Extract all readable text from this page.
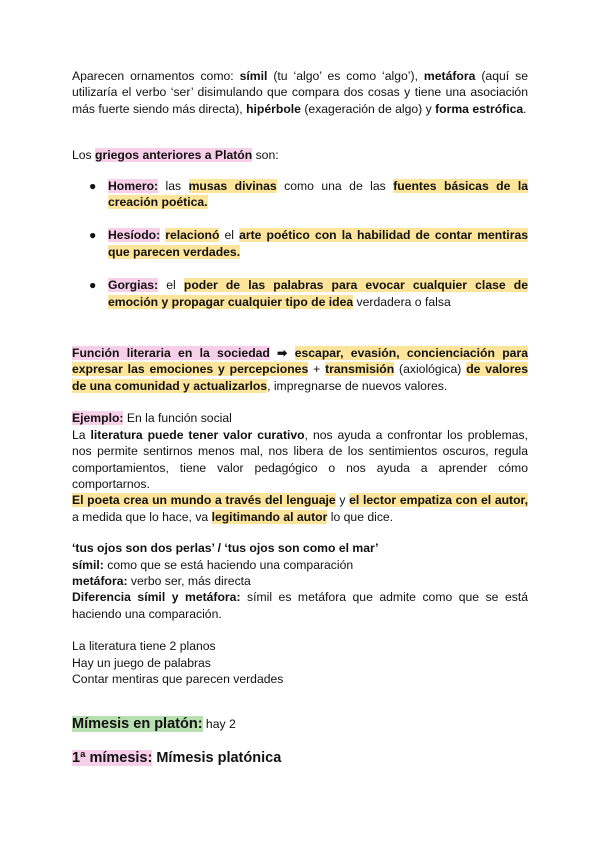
Aparecen ornamentos como: símil (tu ‘algo’ es como ‘algo’), metáfora (aquí se utilizaría el verbo ‘ser’ disimulando que compara dos cosas y tiene una asociación más fuerte siendo más directa), hipérbole (exageración de algo) y forma estrófica.

Los griegos anteriores a Platón son:

● Homero: las musas divinas como una de las fuentes básicas de la creación poética.
● Hesíodo: relacionó el arte poético con la habilidad de contar mentiras que parecen verdades.
● Gorgias: el poder de las palabras para evocar cualquier clase de emoción y propagar cualquier tipo de idea verdadera o falsa

Función literaria en la sociedad ➡ escapar, evasión, concienciación para expresar las emociones y percepciones + transmisión (axiológica) de valores de una comunidad y actualizarlos, impregnarse de nuevos valores.

Ejemplo: En la función social

La literatura puede tener valor curativo, nos ayuda a confrontar los problemas, nos permite sentirnos menos mal, nos libera de los sentimientos oscuros, regula comportamientos, tiene valor pedagógico o nos ayuda a aprender cómo comportarnos.

El poeta crea un mundo a través del lenguaje y el lector empatiza con el autor, a medida que lo hace, va legitimando al autor lo que dice.

‘tus ojos son dos perlas’ / ‘tus ojos son como el mar’

símil: como que se está haciendo una comparación

metáfora: verbo ser, más directa

Diferencia símil y metáfora: símil es metáfora que admite como que se está haciendo una comparación.

La literatura tiene 2 planos

Hay un juego de palabras

Contar mentiras que parecen verdades

Mímesis en platón: hay 2

1ª mímesis: Mímesis platónica
